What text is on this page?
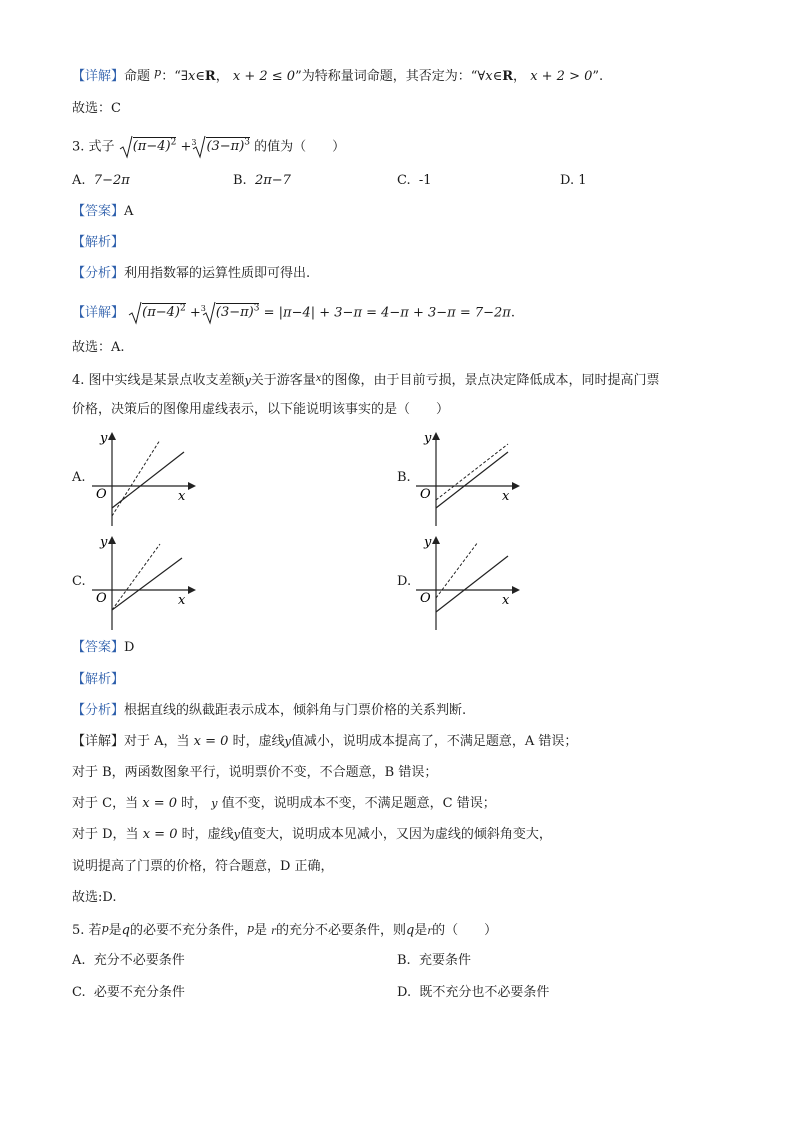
【详解】命题 $^p$：“∃x∈R， x + 2 ≤ 0”为特称量词命题，其否定为：“∀x∈R， x + 2 > 0”.
故选：C
3. 式子 $(\pi-4)^2 +^3$ $(3-\pi)^3$ 的值为（　　）
A. 7−2π	B. 2π−7	C. -1	D. 1
【答案】A
【解析】
【分析】利用指数幂的运算性质即可得出.
【详解】 $(\pi-4)^2 +^3$ $(3-\pi)^3 = |\pi-4| + 3-\pi = 4-\pi + 3-\pi = 7-2\pi$.
故选：A.
4. 图中实线是某景点收支差额y关于游客量$^x$的图像，由于目前亏损，景点决定降低成本，同时提高门票
价格，决策后的图像用虚线表示，以下能说明该事实的是（　　）
A.
y
x
O
B.
y
x
O
C.
y
x
O
D.
y
x
O
【答案】D
【解析】
【分析】根据直线的纵截距表示成本，倾斜角与门票价格的关系判断.
【详解】对于 A，当 x = 0 时，虚线y值减小，说明成本提高了，不满足题意，A 错误；
对于 B，两函数图象平行，说明票价不变，不合题意，B 错误；
对于 C，当 x = 0 时， y 值不变，说明成本不变，不满足题意，C 错误；
对于 D，当 x = 0 时，虚线y值变大，说明成本见减小，又因为虚线的倾斜角变大，
说明提高了门票的价格，符合题意，D 正确，
故选:D.
5. 若p是q的必要不充分条件，p是 r的充分不必要条件，则q是r的（　　）
A. 充分不必要条件	B. 充要条件
C. 必要不充分条件	D. 既不充分也不必要条件
